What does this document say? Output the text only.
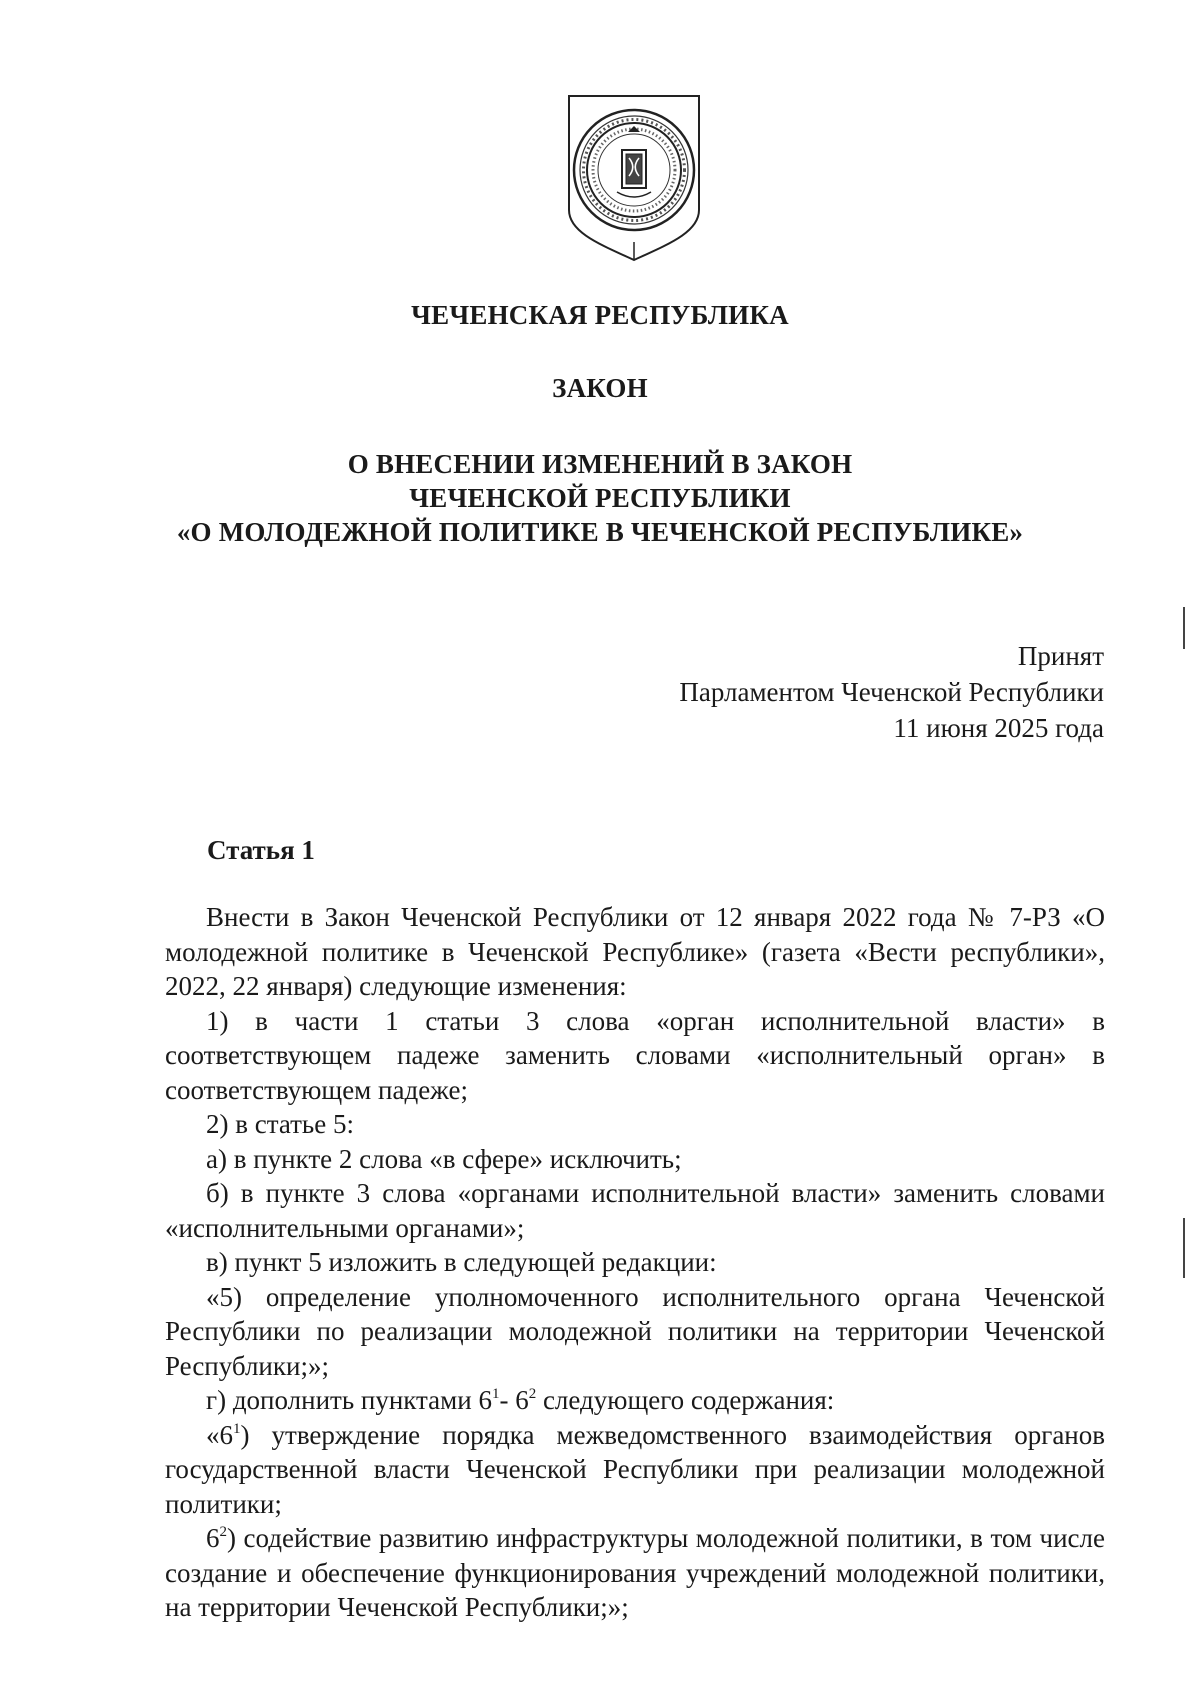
ЧЕЧЕНСКАЯ РЕСПУБЛИКА
ЗАКОН
О ВНЕСЕНИИ ИЗМЕНЕНИЙ В ЗАКОН
ЧЕЧЕНСКОЙ РЕСПУБЛИКИ
«О МОЛОДЕЖНОЙ ПОЛИТИКЕ В ЧЕЧЕНСКОЙ РЕСПУБЛИКЕ»
Принят
Парламентом Чеченской Республики
11 июня 2025 года
Статья 1

Внести в Закон Чеченской Республики от 12 января 2022 года № 7-РЗ «О молодежной политике в Чеченской Республике» (газета «Вести республики», 2022, 22 января) следующие изменения:

1) в части 1 статьи 3 слова «орган исполнительной власти» в соответствующем падеже заменить словами «исполнительный орган» в соответствующем падеже;

2) в статье 5:

а) в пункте 2 слова «в сфере» исключить;

б) в пункте 3 слова «органами исполнительной власти» заменить словами «исполнительными органами»;

в) пункт 5 изложить в следующей редакции:

«5) определение уполномоченного исполнительного органа Чеченской Республики по реализации молодежной политики на территории Чеченской Республики;»;

г) дополнить пунктами $6^1-$ $6^2$ следующего содержания:

«$6^1$) утверждение порядка межведомственного взаимодействия органов государственной власти Чеченской Республики при реализации молодежной политики;

$6^2$) содействие развитию инфраструктуры молодежной политики, в том числе создание и обеспечение функционирования учреждений молодежной политики, на территории Чеченской Республики;»;
